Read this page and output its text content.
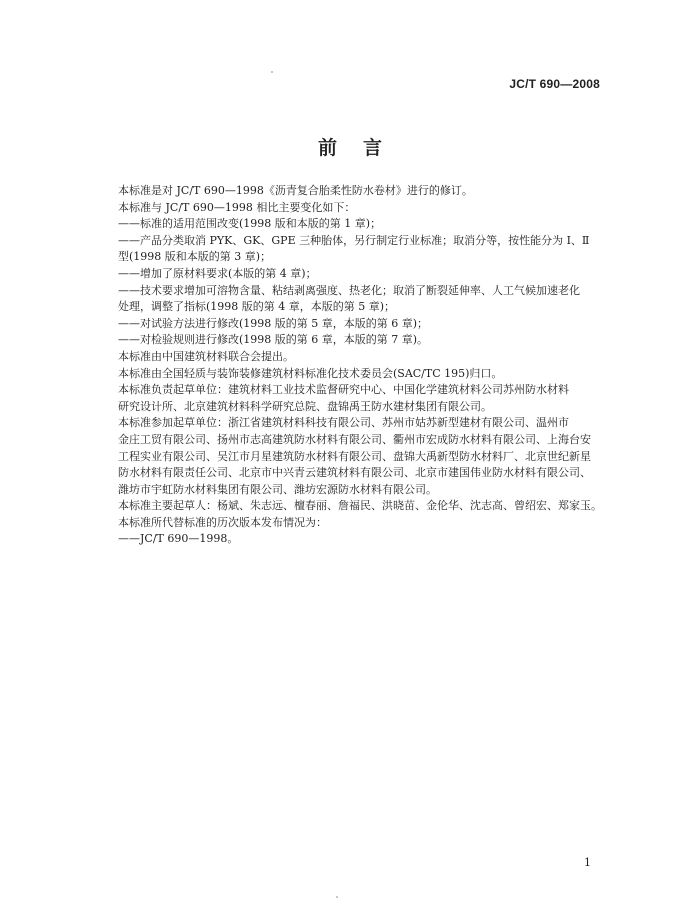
JC/T 690—2008
前言

本标准是对 JC/T 690—1998《沥青复合胎柔性防水卷材》进行的修订。

本标准与 JC/T 690—1998 相比主要变化如下：

——标准的适用范围改变(1998 版和本版的第 1 章)；

——产品分类取消 PYK、GK、GPE 三种胎体，另行制定行业标准；取消分等，按性能分为 Ⅰ、Ⅱ

型(1998 版和本版的第 3 章)；

——增加了原材料要求(本版的第 4 章)；

——技术要求增加可溶物含量、粘结剥离强度、热老化；取消了断裂延伸率、人工气候加速老化

处理，调整了指标(1998 版的第 4 章，本版的第 5 章)；

——对试验方法进行修改(1998 版的第 5 章，本版的第 6 章)；

——对检验规则进行修改(1998 版的第 6 章，本版的第 7 章)。

本标准由中国建筑材料联合会提出。

本标准由全国轻质与装饰装修建筑材料标准化技术委员会(SAC/TC 195)归口。

本标准负责起草单位：建筑材料工业技术监督研究中心、中国化学建筑材料公司苏州防水材料

研究设计所、北京建筑材料科学研究总院、盘锦禹王防水建材集团有限公司。

本标准参加起草单位：浙江省建筑材料科技有限公司、苏州市姑苏新型建材有限公司、温州市

金庄工贸有限公司、扬州市志高建筑防水材料有限公司、衢州市宏成防水材料有限公司、上海台安

工程实业有限公司、吴江市月星建筑防水材料有限公司、盘锦大禹新型防水材料厂、北京世纪新星

防水材料有限责任公司、北京市中兴青云建筑材料有限公司、北京市建国伟业防水材料有限公司、

潍坊市宇虹防水材料集团有限公司、潍坊宏源防水材料有限公司。

本标准主要起草人：杨斌、朱志远、檀春丽、詹福民、洪晓苗、金伦华、沈志高、曾绍宏、郑家玉。

本标准所代替标准的历次版本发布情况为：

——JC/T 690—1998。

1
